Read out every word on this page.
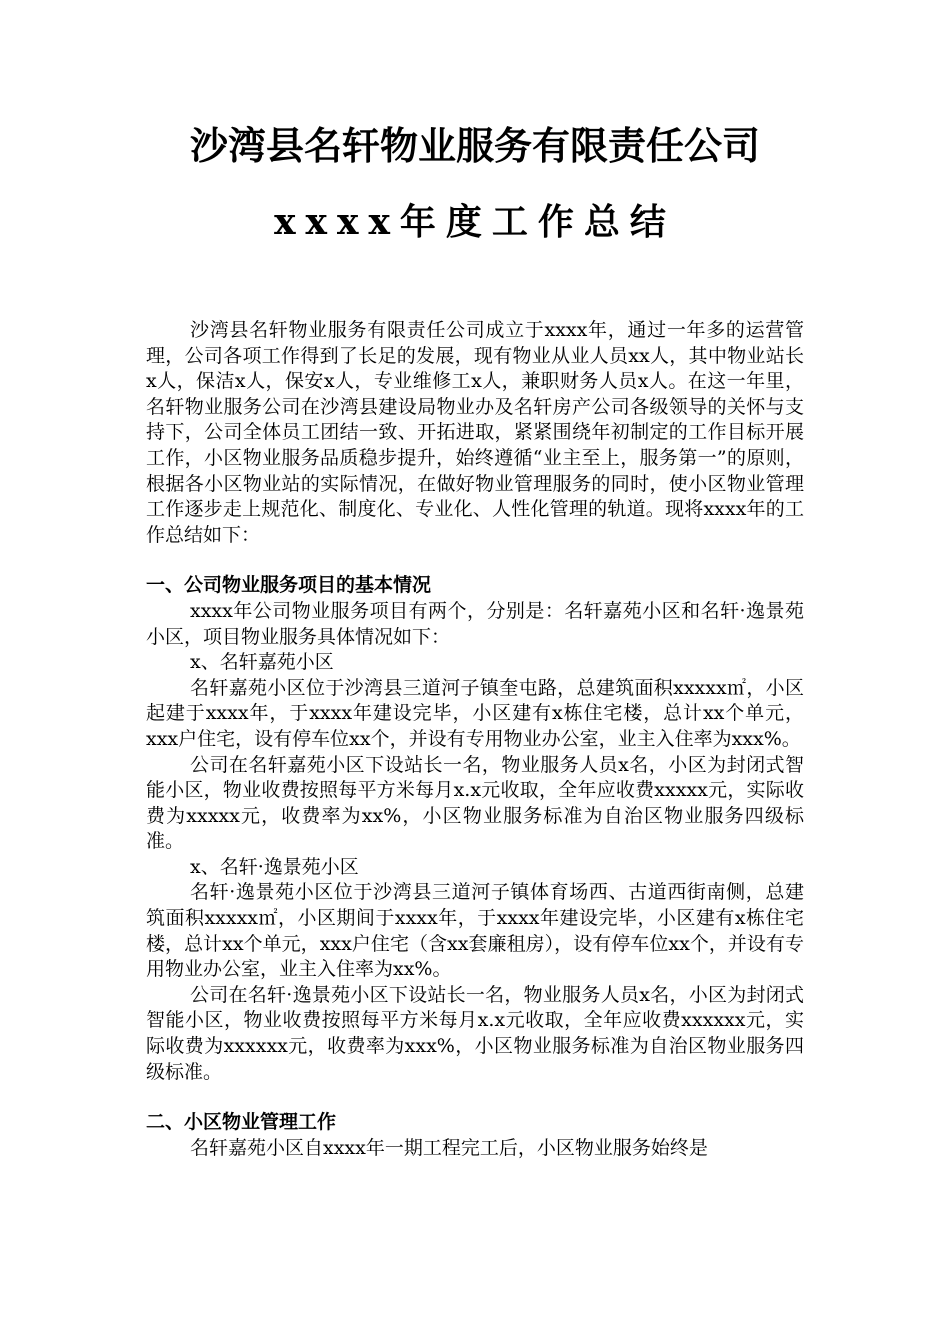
沙湾县名轩物业服务有限责任公司
xxxx年度工作总结

沙湾县名轩物业服务有限责任公司成立于xxxx年，通过一年多的运营管理，公司各项工作得到了长足的发展，现有物业从业人员xx人，其中物业站长x人，保洁x人，保安x人，专业维修工x人，兼职财务人员x人。在这一年里，名轩物业服务公司在沙湾县建设局物业办及名轩房产公司各级领导的关怀与支持下，公司全体员工团结一致、开拓进取，紧紧围绕年初制定的工作目标开展工作，小区物业服务品质稳步提升，始终遵循“业主至上，服务第一”的原则，根据各小区物业站的实际情况，在做好物业管理服务的同时，使小区物业管理工作逐步走上规范化、制度化、专业化、人性化管理的轨道。现将xxxx年的工作总结如下：

一、公司物业服务项目的基本情况

xxxx年公司物业服务项目有两个，分别是：名轩嘉苑小区和名轩·逸景苑小区，项目物业服务具体情况如下：

x、名轩嘉苑小区

名轩嘉苑小区位于沙湾县三道河子镇奎屯路，总建筑面积xxxxx㎡，小区起建于xxxx年，于xxxx年建设完毕，小区建有x栋住宅楼，总计xx个单元，xxx户住宅，设有停车位xx个，并设有专用物业办公室，业主入住率为xxx%。

公司在名轩嘉苑小区下设站长一名，物业服务人员x名，小区为封闭式智能小区，物业收费按照每平方米每月x.x元收取，全年应收费xxxxx元，实际收费为xxxxx元，收费率为xx%，小区物业服务标准为自治区物业服务四级标准。

x、名轩·逸景苑小区

名轩·逸景苑小区位于沙湾县三道河子镇体育场西、古道西街南侧，总建筑面积xxxxx㎡，小区期间于xxxx年，于xxxx年建设完毕，小区建有x栋住宅楼，总计xx个单元，xxx户住宅（含xx套廉租房），设有停车位xx个，并设有专用物业办公室，业主入住率为xx%。

公司在名轩·逸景苑小区下设站长一名，物业服务人员x名，小区为封闭式智能小区，物业收费按照每平方米每月x.x元收取，全年应收费xxxxxx元，实际收费为xxxxxx元，收费率为xxx%，小区物业服务标准为自治区物业服务四级标准。

二、小区物业管理工作

名轩嘉苑小区自xxxx年一期工程完工后，小区物业服务始终是
